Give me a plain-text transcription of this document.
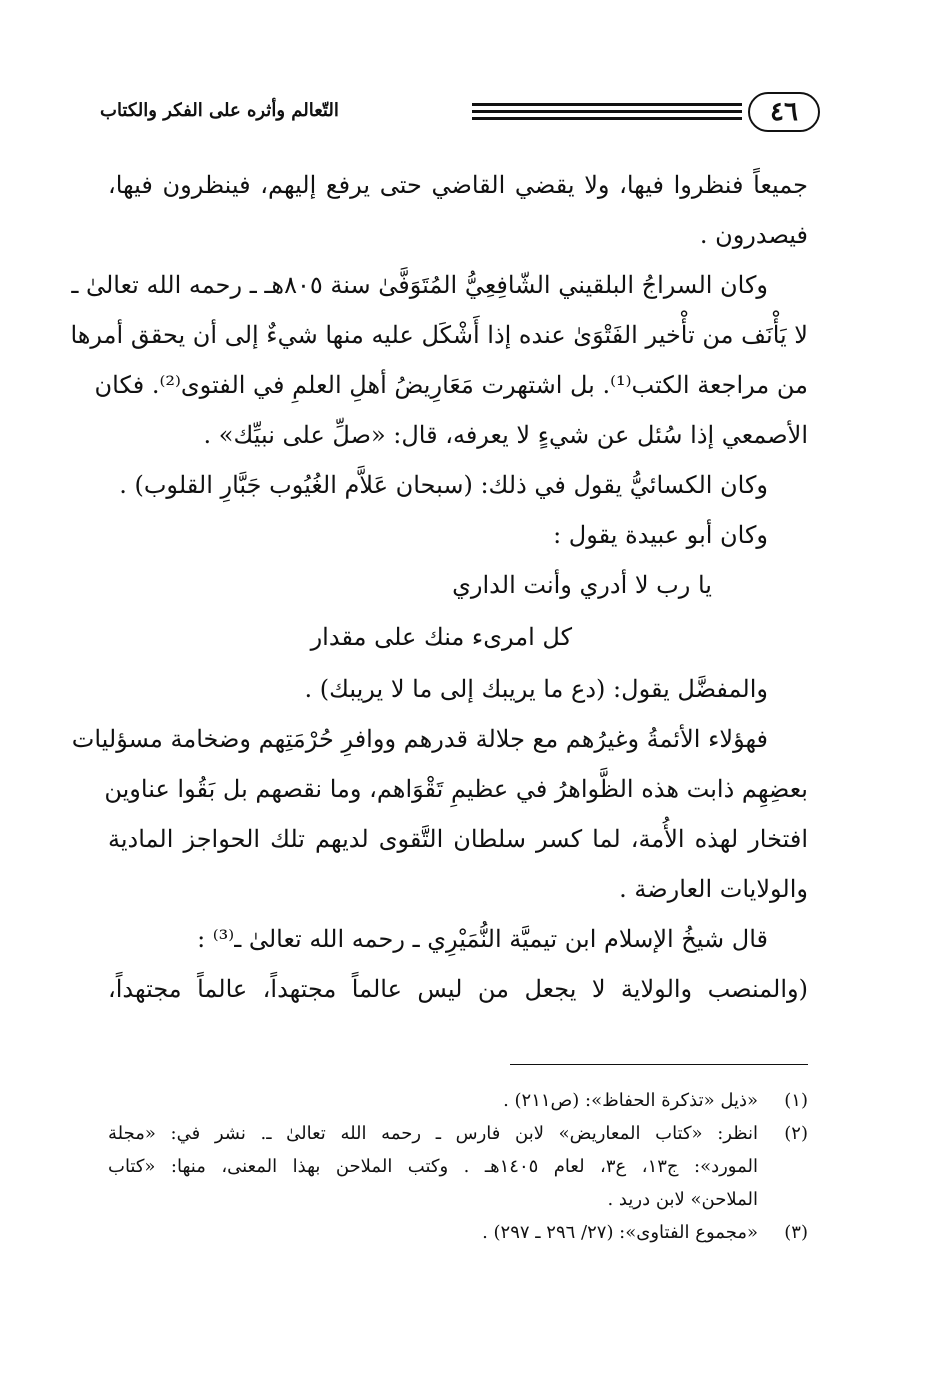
٤٦
التّعالم وأثره على الفكر والكتاب
جميعاً فنظروا فيها، ولا يقضي القاضي حتى يرفع إليهم، فينظرون فيها،
فيصدرون .
وكان السراجُ البلقيني الشّافِعِيُّ المُتَوَفَّىٰ سنة ٨٠٥هـ ـ رحمه الله تعالىٰ ـ
لا يَأْنَف من تأْخير الفَتْوَىٰ عنده إذا أَشْكَل عليه منها شيءٌ إلى أن يحقق أمرها
من مراجعة الكتب⁽¹⁾. بل اشتهرت مَعَارِيضُ أهلِ العلمِ في الفتوى⁽²⁾. فكان
الأصمعي إذا سُئل عن شيءٍ لا يعرفه، قال: «صلِّ على نبيِّك» .
وكان الكسائيُّ يقول في ذلك: (سبحان عَلاَّم الغُيُوب جَبَّارِ القلوب) .
وكان أبو عبيدة يقول :
يا رب لا أدري وأنت الداري
كل امرىء منك على مقدار
والمفضَّل يقول: (دع ما يريبك إلى ما لا يريبك) .
فهؤلاء الأئمةُ وغيرُهم مع جلالة قدرهم ووافرِ حُرْمَتِهم وضخامة مسؤليات
بعضِهِم ذابت هذه الظَّواهرُ في عظيمِ تَقْوَاهم، وما نقصهم بل بَقُوا عناوين
افتخار لهذه الأُمة، لما كسر سلطان التَّقوى لديهم تلك الحواجز المادية
والولايات العارضة .
قال شيخُ الإسلام ابن تيميَّة النُّمَيْرِي ـ رحمه الله تعالىٰ ـ⁽³⁾ :
(والمنصب والولاية لا يجعل من ليس عالماً مجتهداً، عالماً مجتهداً،
(١)
«ذيل «تذكرة الحفاظ»: (ص٢١١) .
(٢)
انظر: «كتاب المعاريض» لابن فارس ـ رحمه الله تعالىٰ ـ. نشر في: «مجلة
المورد»: ج١٣، ع٣، لعام ١٤٠٥هـ . وكتب الملاحن بهذا المعنى، منها: «كتاب
الملاحن» لابن دريد .
(٣)
«مجموع الفتاوى»: (٢٧/ ٢٩٦ ـ ٢٩٧) .
